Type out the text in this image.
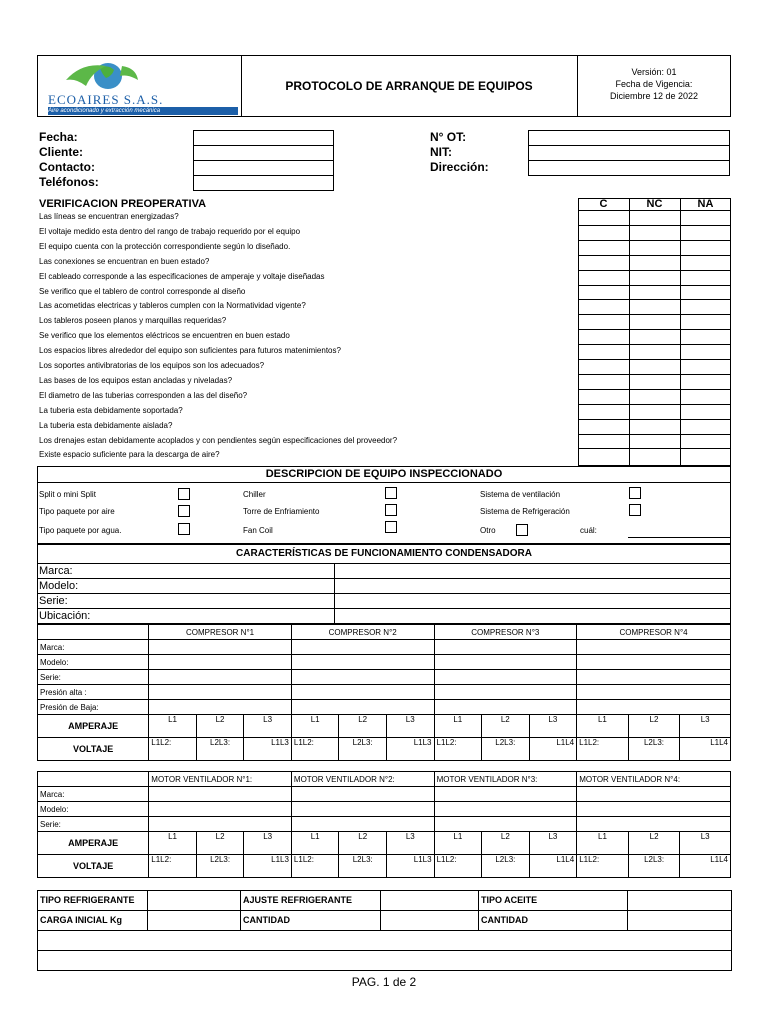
ECOAIRES S.A.S.
Aire acondicionado y extracción mecánica
PROTOCOLO DE ARRANQUE DE EQUIPOS
Versión: 01
Fecha de Vigencia:
Diciembre 12 de 2022
Fecha:
Cliente:
Contacto:
Teléfonos:
N° OT:
NIT:
Dirección:
VERIFICACION PREOPERATIVA	C	NC	NA
Las líneas se encuentran energizadas?
El voltaje medido esta dentro del rango de trabajo requerido por el equipo
El equipo cuenta con la protección correspondiente según lo diseñado.
Las conexiones se encuentran en buen estado?
El cableado corresponde a las especificaciones de amperaje y voltaje diseñadas
Se verifico que el tablero de control corresponde al diseño
Las acometidas electricas y tableros cumplen con la Normatividad vigente?
Los tableros poseen planos y marquillas requeridas?
Se verifico que los elementos eléctricos se encuentren en buen estado
Los espacios libres alrededor del equipo son suficientes para futuros matenimientos?
Los soportes antivibratorias de los equipos son los adecuados?
Las bases de los equipos estan ancladas y niveladas?
El diametro de las tuberias corresponden a las del diseño?
La tuberia esta debidamente soportada?
La tuberia esta debidamente aislada?
Los drenajes estan debidamente acoplados y con pendientes según especificaciones del proveedor?
Existe espacio suficiente para la descarga de aire?
DESCRIPCION DE EQUIPO INSPECCIONADO
Split o mini Split
Tipo paquete por aire
Tipo paquete por agua.
Chiller
Torre de Enfriamiento
Fan Coil
Sistema de ventilación
Sistema de Refrigeración
Otro	cuál:
CARACTERÍSTICAS DE FUNCIONAMIENTO CONDENSADORA
Marca:
Modelo:
Serie:
Ubicación:
	COMPRESOR N°1			COMPRESOR N°2			COMPRESOR N°3			COMPRESOR N°4		
Marca:												
Modelo:												
Serie:												
Presión alta :												
Presión de Baja:												
AMPERAJE	L1	L2	L3	L1	L2	L3	L1	L2	L3	L1	L2	L3
VOLTAJE	L1L2:	L2L3:	L1L3	L1L2:	L2L3:	L1L3	L1L2:	L2L3:	L1L4	L1L2:	L2L3:	L1L4
	MOTOR VENTILADOR N°1:			MOTOR VENTILADOR N°2:			MOTOR VENTILADOR N°3:			MOTOR VENTILADOR N°4:		
Marca:												
Modelo:												
Serie:												
AMPERAJE	L1	L2	L3	L1	L2	L3	L1	L2	L3	L1	L2	L3
VOLTAJE	L1L2:	L2L3:	L1L3	L1L2:	L2L3:	L1L3	L1L2:	L2L3:	L1L4	L1L2:	L2L3:	L1L4
TIPO REFRIGERANTE		AJUSTE REFRIGERANTE		TIPO ACEITE	
CARGA INICIAL Kg		CANTIDAD		CANTIDAD	

PAG. 1 de 2
